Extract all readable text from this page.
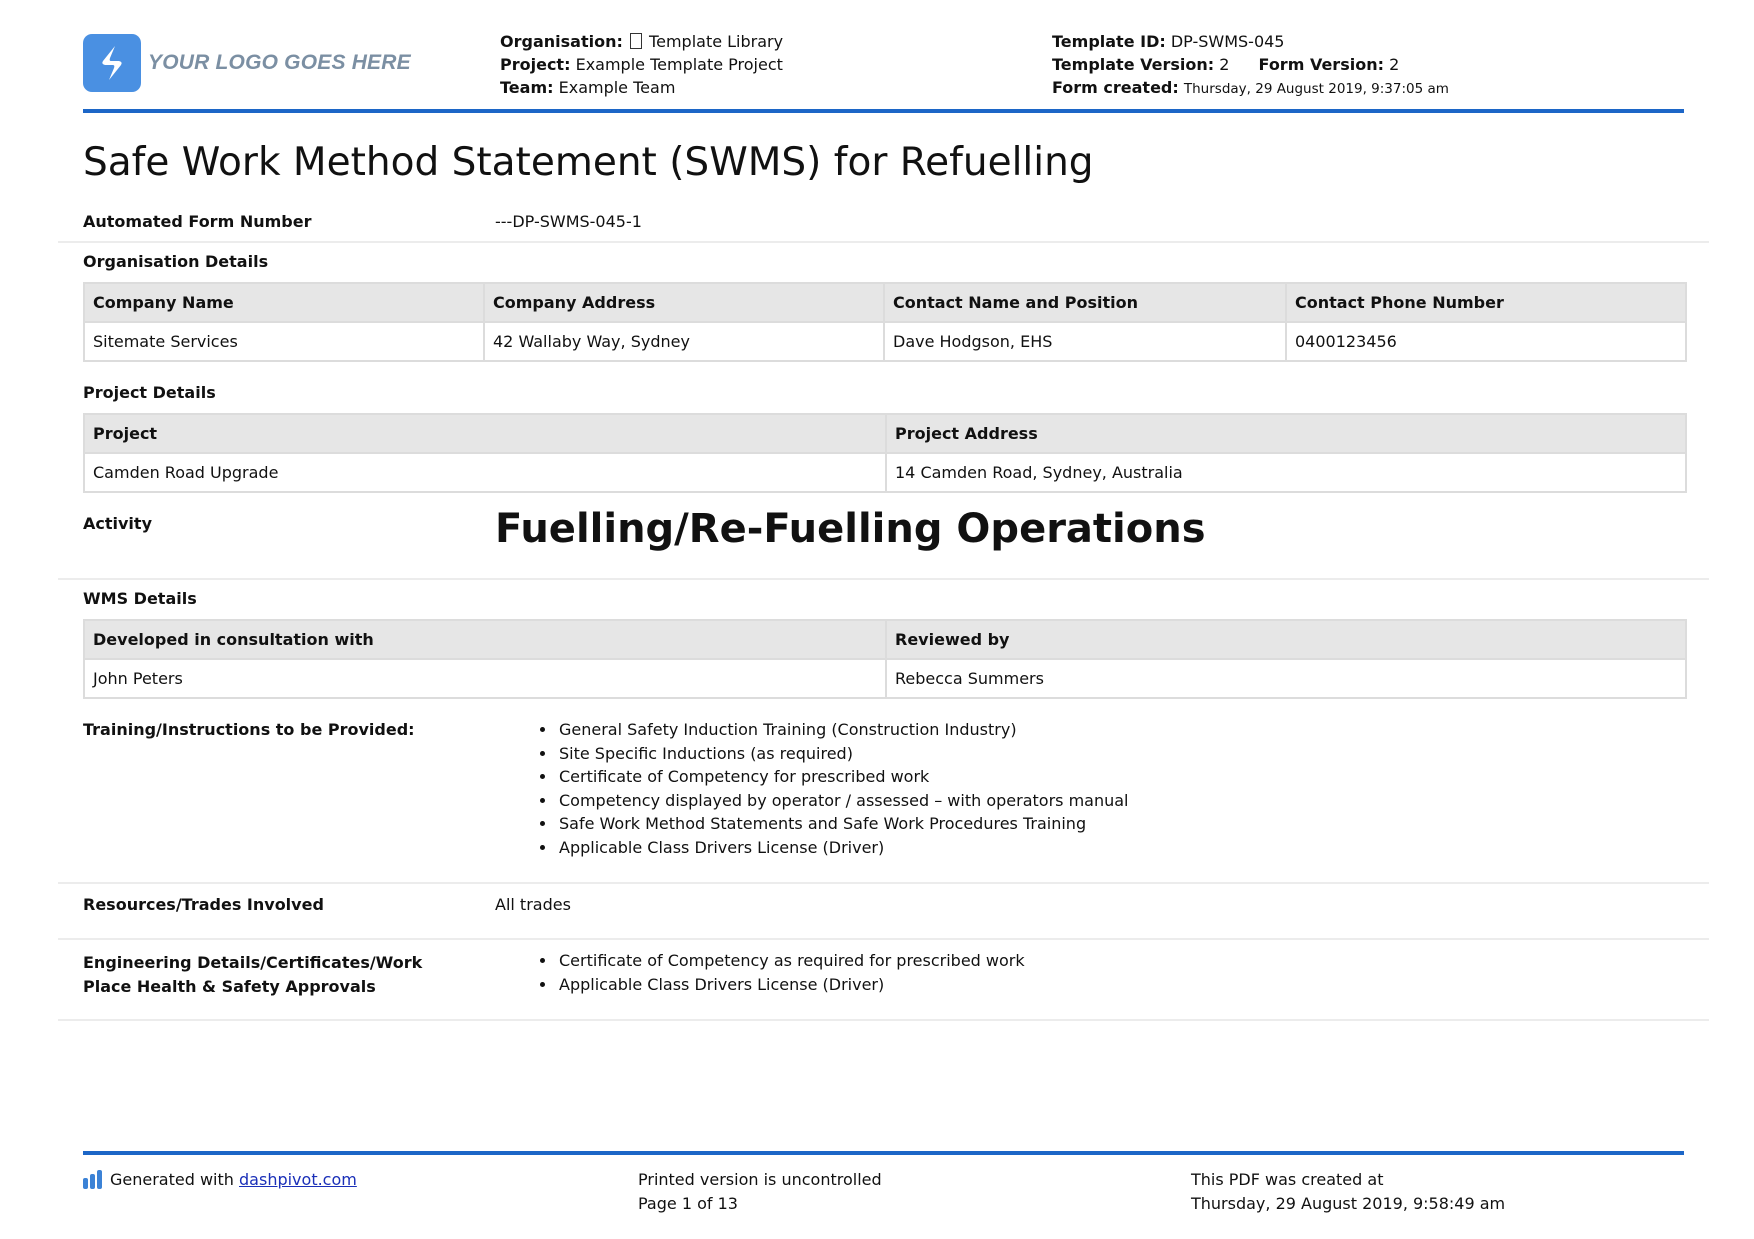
YOUR LOGO GOES HERE
Organisation: Template Library
Project: Example Template Project
Team: Example Team
Template ID: DP-SWMS-045
Template Version: 2 Form Version: 2
Form created: Thursday, 29 August 2019, 9:37:05 am
Safe Work Method Statement (SWMS) for Refuelling
Automated Form Number	---DP-SWMS-045-1
Organisation Details
Company Name	Company Address	Contact Name and Position	Contact Phone Number
Sitemate Services	42 Wallaby Way, Sydney	Dave Hodgson, EHS	0400123456
Project Details
Project	Project Address
Camden Road Upgrade	14 Camden Road, Sydney, Australia
Activity	Fuelling/Re-Fuelling Operations
WMS Details
Developed in consultation with	Reviewed by
John Peters	Rebecca Summers
Training/Instructions to be Provided:	• General Safety Induction Training (Construction Industry)
• Site Specific Inductions (as required)
• Certificate of Competency for prescribed work
• Competency displayed by operator / assessed – with operators manual
• Safe Work Method Statements and Safe Work Procedures Training
• Applicable Class Drivers License (Driver)
Resources/Trades Involved	All trades
Engineering Details/Certificates/Work
Place Health & Safety Approvals
• Certificate of Competency as required for prescribed work
• Applicable Class Drivers License (Driver)
Generated with
dashpivot.com	Printed version is uncontrolled
Page 1 of 13
This PDF was created at
Thursday, 29 August 2019, 9:58:49 am
